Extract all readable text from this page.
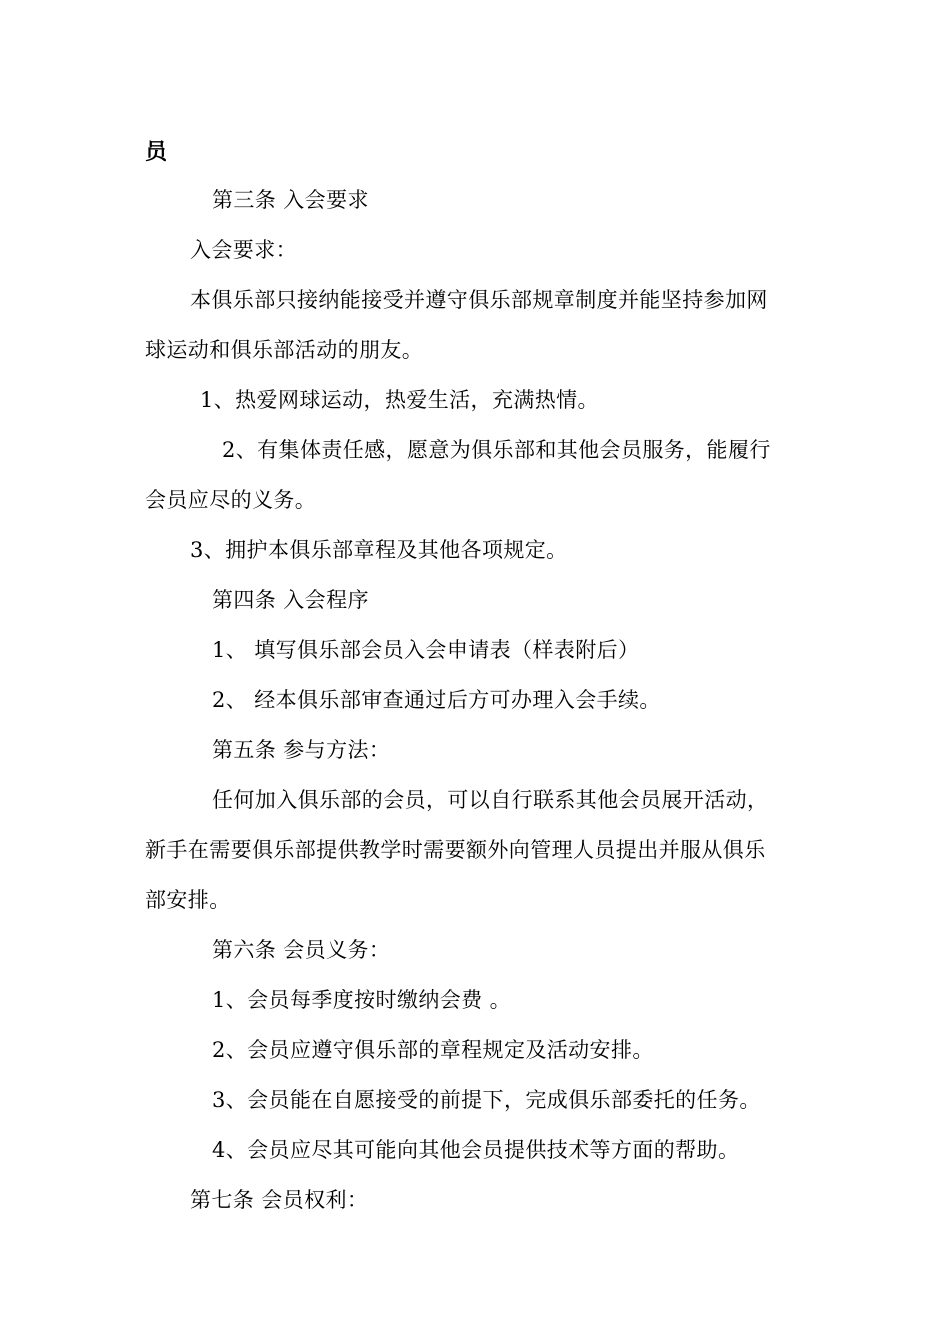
员
第三条 入会要求
入会要求：
本俱乐部只接纳能接受并遵守俱乐部规章制度并能坚持参加网
球运动和俱乐部活动的朋友。
1、热爱网球运动，热爱生活，充满热情。
2、有集体责任感，愿意为俱乐部和其他会员服务，能履行
会员应尽的义务。
3、拥护本俱乐部章程及其他各项规定。
第四条 入会程序
1、 填写俱乐部会员入会申请表（样表附后）
2、 经本俱乐部审查通过后方可办理入会手续。
第五条 参与方法：
任何加入俱乐部的会员，可以自行联系其他会员展开活动，
新手在需要俱乐部提供教学时需要额外向管理人员提出并服从俱乐
部安排。
第六条 会员义务：
1、会员每季度按时缴纳会费 。
2、会员应遵守俱乐部的章程规定及活动安排。
3、会员能在自愿接受的前提下，完成俱乐部委托的任务。
4、会员应尽其可能向其他会员提供技术等方面的帮助。
第七条 会员权利：
